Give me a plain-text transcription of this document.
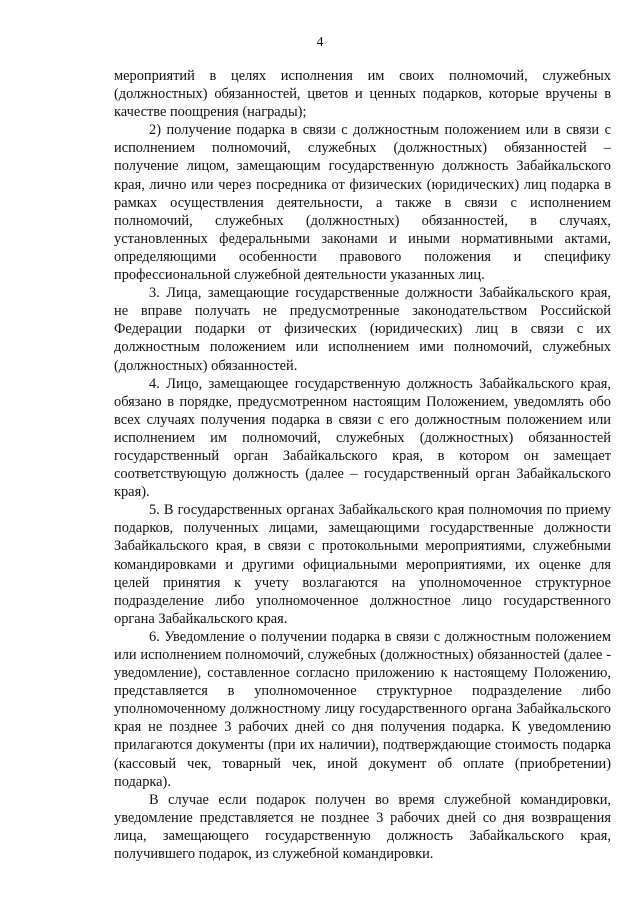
4

мероприятий в целях исполнения им своих полномочий, служебных (должностных) обязанностей, цветов и ценных подарков, которые вручены в качестве поощрения (награды);

2) получение подарка в связи с должностным положением или в связи с исполнением полномочий, служебных (должностных) обязанностей – получение лицом, замещающим государственную должность Забайкальского края, лично или через посредника от физических (юридических) лиц подарка в рамках осуществления деятельности, а также в связи с исполнением полномочий, служебных (должностных) обязанностей, в случаях, установленных федеральными законами и иными нормативными актами, определяющими особенности правового положения и специфику профессиональной служебной деятельности указанных лиц.

3. Лица, замещающие государственные должности Забайкальского края, не вправе получать не предусмотренные законодательством Российской Федерации подарки от физических (юридических) лиц в связи с их должностным положением или исполнением ими полномочий, служебных (должностных) обязанностей.

4. Лицо, замещающее государственную должность Забайкальского края, обязано в порядке, предусмотренном настоящим Положением, уведомлять обо всех случаях получения подарка в связи с его должностным положением или исполнением им полномочий, служебных (должностных) обязанностей государственный орган Забайкальского края, в котором он замещает соответствующую должность (далее – государственный орган Забайкальского края).

5. В государственных органах Забайкальского края полномочия по приему подарков, полученных лицами, замещающими государственные должности Забайкальского края, в связи с протокольными мероприятиями, служебными командировками и другими официальными мероприятиями, их оценке для целей принятия к учету возлагаются на уполномоченное структурное подразделение либо уполномоченное должностное лицо государственного органа Забайкальского края.

6. Уведомление о получении подарка в связи с должностным положением или исполнением полномочий, служебных (должностных) обязанностей (далее - уведомление), составленное согласно приложению к настоящему Положению, представляется в уполномоченное структурное подразделение либо уполномоченному должностному лицу государственного органа Забайкальского края не позднее 3 рабочих дней со дня получения подарка. К уведомлению прилагаются документы (при их наличии), подтверждающие стоимость подарка (кассовый чек, товарный чек, иной документ об оплате (приобретении) подарка).

В случае если подарок получен во время служебной командировки, уведомление представляется не позднее 3 рабочих дней со дня возвращения лица, замещающего государственную должность Забайкальского края, получившего подарок, из служебной командировки.
